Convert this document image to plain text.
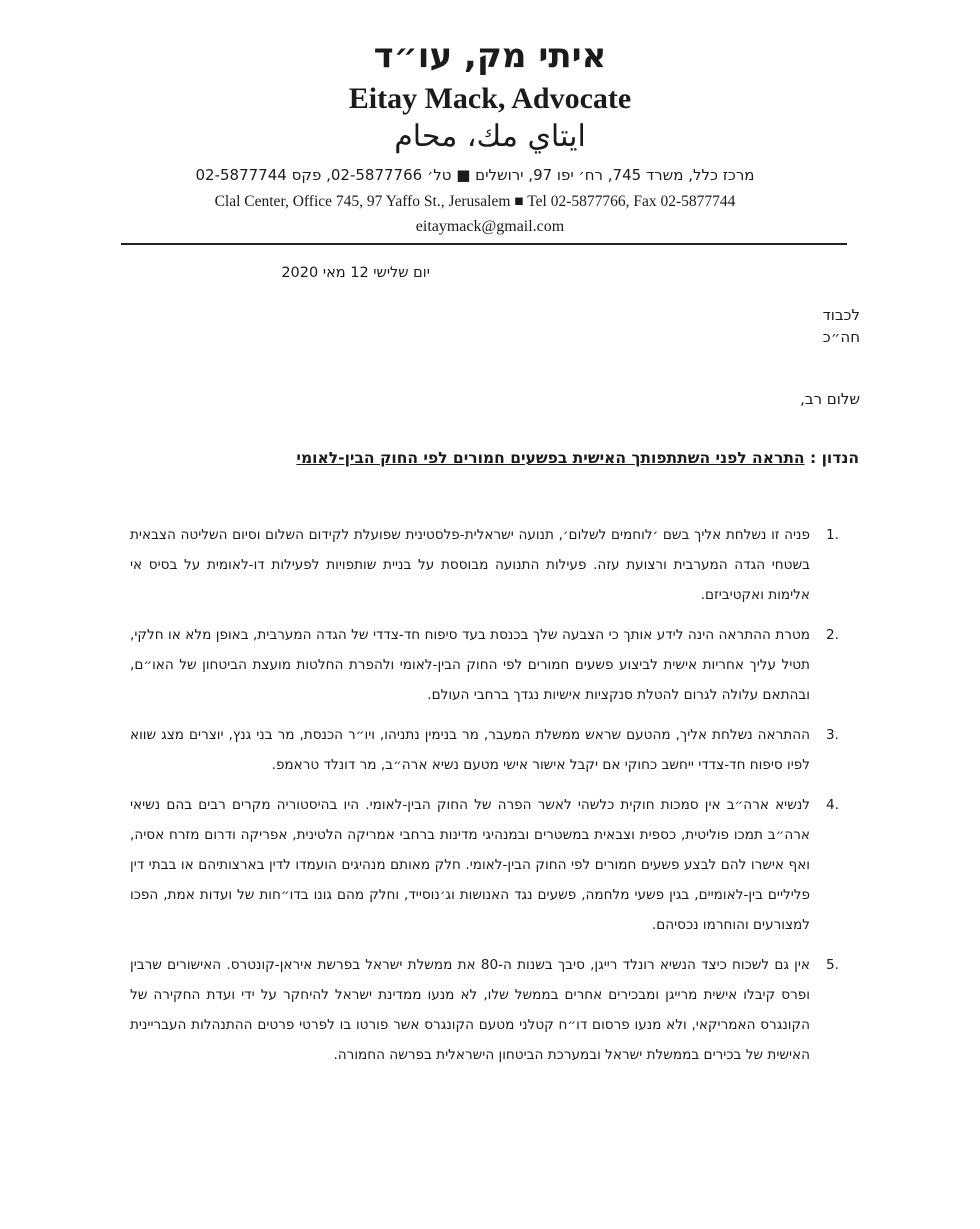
איתי מק, עו״ד
Eitay Mack, Advocate
ايتاي مك، محام
מרכז כלל, משרד 745, רח׳ יפו 97, ירושלים ■ טל׳ 02-5877766, פקס 02-5877744
Clal Center, Office 745, 97 Yaffo St., Jerusalem ■ Tel 02-5877766, Fax 02-5877744
eitaymack@gmail.com
יום שלישי 12 מאי 2020
לכבוד
חה״כ
שלום רב,
הנדון : התראה לפני השתתפותך האישית בפשעים חמורים לפי החוק הבין-לאומי
1.
פניה זו נשלחת אליך בשם ׳לוחמים לשלום׳, תנועה ישראלית-פלסטינית שפועלת לקידום השלום וסיום השליטה הצבאית בשטחי הגדה המערבית ורצועת עזה. פעילות התנועה מבוססת על בניית שותפויות לפעילות דו-לאומית על בסיס אי אלימות ואקטיביזם.
2.
מטרת ההתראה הינה לידע אותך כי הצבעה שלך בכנסת בעד סיפוח חד-צדדי של הגדה המערבית, באופן מלא או חלקי, תטיל עליך אחריות אישית לביצוע פשעים חמורים לפי החוק הבין-לאומי ולהפרת החלטות מועצת הביטחון של האו״ם, ובהתאם עלולה לגרום להטלת סנקציות אישיות נגדך ברחבי העולם.
3.
ההתראה נשלחת אליך, מהטעם שראש ממשלת המעבר, מר בנימין נתניהו, ויו״ר הכנסת, מר בני גנץ, יוצרים מצג שווא לפיו סיפוח חד-צדדי ייחשב כחוקי אם יקבל אישור אישי מטעם נשיא ארה״ב, מר דונלד טראמפ.
4.
לנשיא ארה״ב אין סמכות חוקית כלשהי לאשר הפרה של החוק הבין-לאומי. היו בהיסטוריה מקרים רבים בהם נשיאי ארה״ב תמכו פוליטית, כספית וצבאית במשטרים ובמנהיגי מדינות ברחבי אמריקה הלטינית, אפריקה ודרום מזרח אסיה, ואף אישרו להם לבצע פשעים חמורים לפי החוק הבין-לאומי. חלק מאותם מנהיגים הועמדו לדין בארצותיהם או בבתי דין פליליים בין-לאומיים, בגין פשעי מלחמה, פשעים נגד האנושות וג׳נוסייד, וחלק מהם גונו בדו״חות של ועדות אמת, הפכו למצורעים והוחרמו נכסיהם.
5.
אין גם לשכוח כיצד הנשיא רונלד רייגן, סיבך בשנות ה-80 את ממשלת ישראל בפרשת איראן-קונטרס. האישורים שרבין ופרס קיבלו אישית מרייגן ומבכירים אחרים בממשל שלו, לא מנעו ממדינת ישראל להיחקר על ידי ועדת החקירה של הקונגרס האמריקאי, ולא מנעו פרסום דו״ח קטלני מטעם הקונגרס אשר פורטו בו לפרטי פרטים ההתנהלות העבריינית האישית של בכירים בממשלת ישראל ובמערכת הביטחון הישראלית בפרשה החמורה.
